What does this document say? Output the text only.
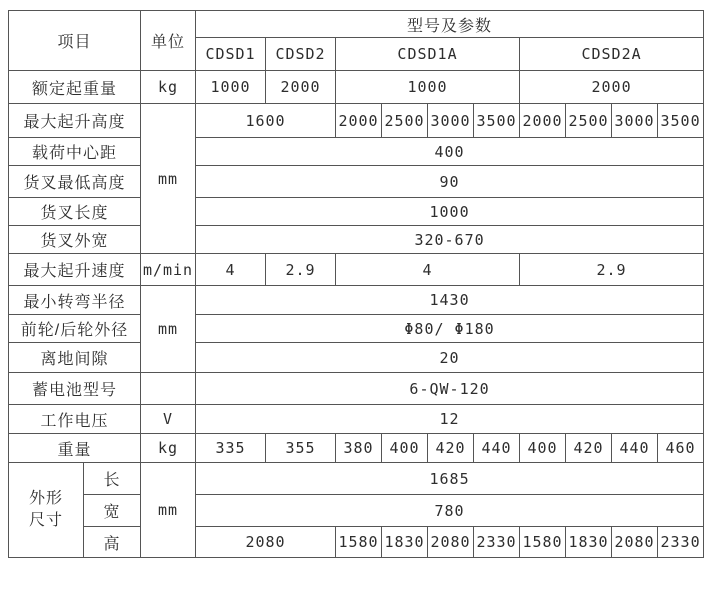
项目		单位	型号及参数									
			CDSD1	CDSD2	CDSD1A				CDSD2A			
额定起重量		kg	1000	2000	1000				2000			
最大起升高度		mm	1600		2000	2500	3000	3500	2000	2500	3000	3500
载荷中心距			400									
货叉最低高度			90									
货叉长度			1000									
货叉外宽			320-670									
最大起升速度		m/min	4	2.9	4				2.9			
最小转弯半径		mm	1430									
前轮/后轮外径			Φ80/ Φ180									
离地间隙			20									
蓄电池型号			6-QW-120									
工作电压		V	12									
重量		kg	335	355	380	400	420	440	400	420	440	460

外形
尺寸	长	mm	1685									
	宽		780									
	高		2080		1580	1830	2080	2330	1580	1830	2080	2330
